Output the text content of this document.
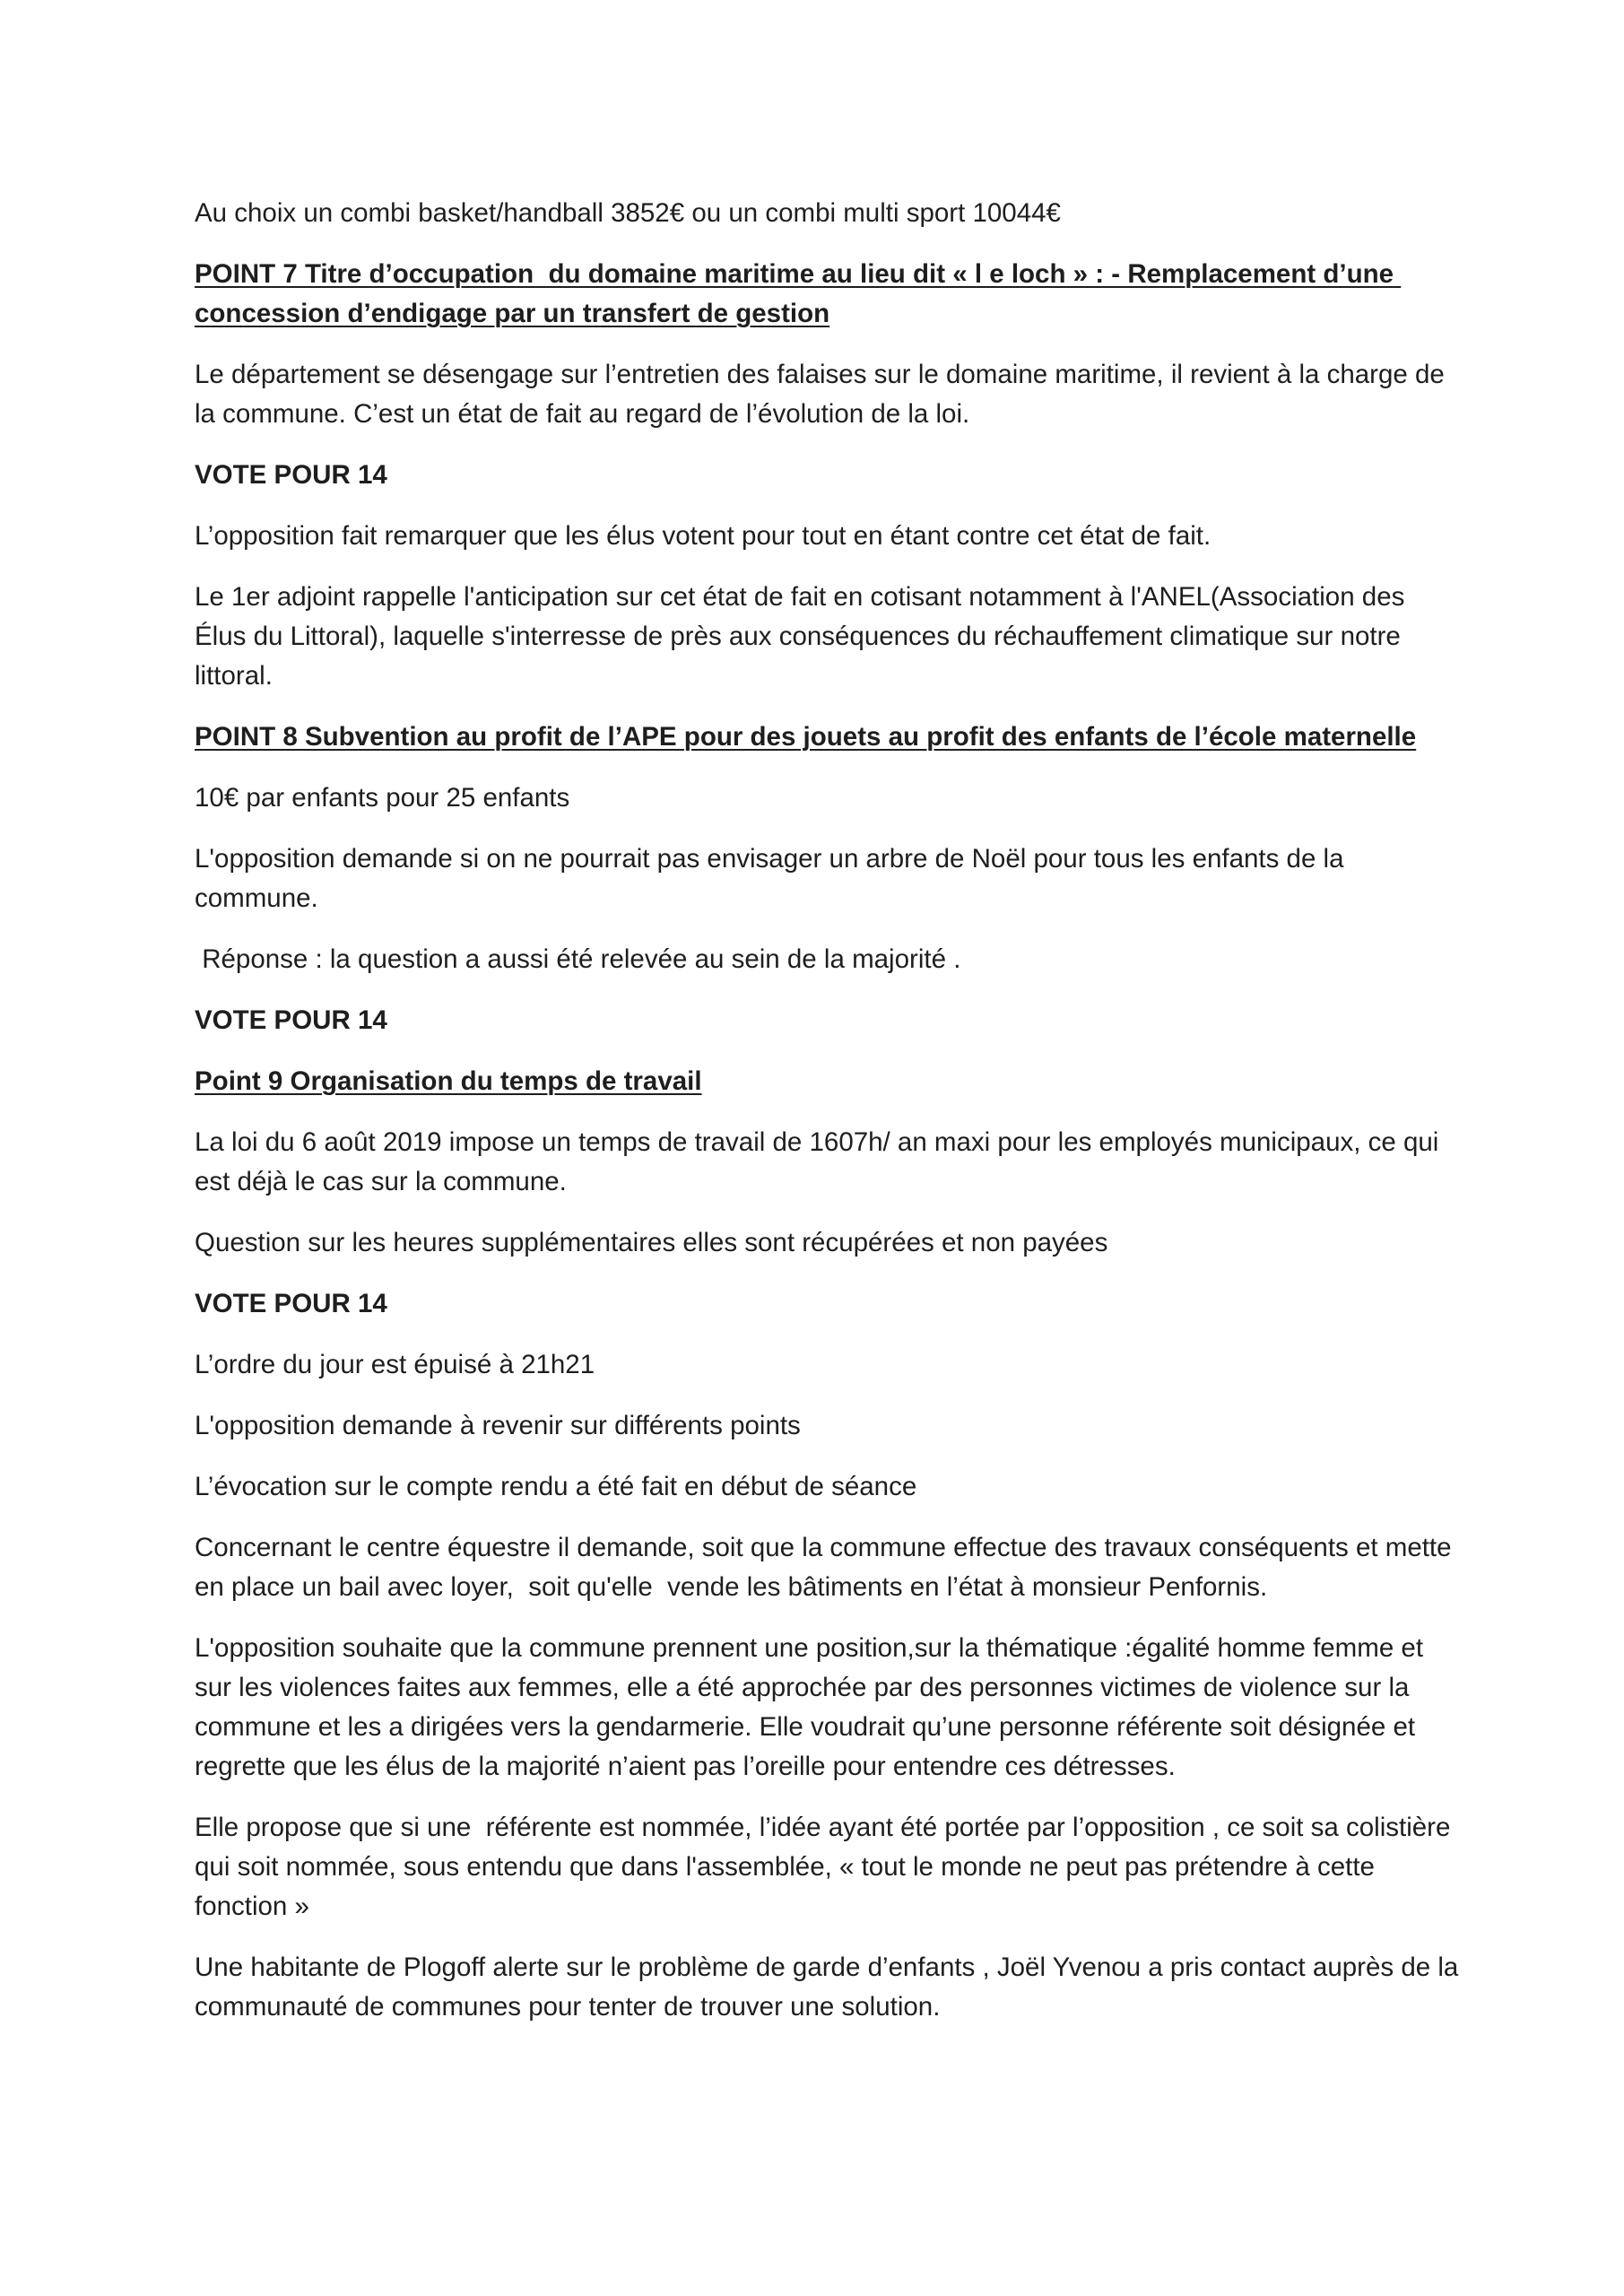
Au choix un combi basket/handball 3852€ ou un combi multi sport 10044€

POINT 7 Titre d’occupation  du domaine maritime au lieu dit « l e loch » : - Remplacement d’une concession d’endigage par un transfert de gestion

Le département se désengage sur l’entretien des falaises sur le domaine maritime, il revient à la charge de la commune. C’est un état de fait au regard de l’évolution de la loi.

VOTE POUR 14

L’opposition fait remarquer que les élus votent pour tout en étant contre cet état de fait.

Le 1er adjoint rappelle l'anticipation sur cet état de fait en cotisant notamment à l'ANEL(Association des Élus du Littoral), laquelle s'interresse de près aux conséquences du réchauffement climatique sur notre littoral.

POINT 8 Subvention au profit de l’APE pour des jouets au profit des enfants de l’école maternelle

10€ par enfants pour 25 enfants

L'opposition demande si on ne pourrait pas envisager un arbre de Noël pour tous les enfants de la commune.

Réponse : la question a aussi été relevée au sein de la majorité .

VOTE POUR 14

Point 9 Organisation du temps de travail

La loi du 6 août 2019 impose un temps de travail de 1607h/ an maxi pour les employés municipaux, ce qui est déjà le cas sur la commune.

Question sur les heures supplémentaires elles sont récupérées et non payées

VOTE POUR 14

L’ordre du jour est épuisé à 21h21

L'opposition demande à revenir sur différents points

L’évocation sur le compte rendu a été fait en début de séance

Concernant le centre équestre il demande, soit que la commune effectue des travaux conséquents et mette en place un bail avec loyer,  soit qu'elle  vende les bâtiments en l’état à monsieur Penfornis.

L'opposition souhaite que la commune prennent une position,sur la thématique :égalité homme femme et sur les violences faites aux femmes, elle a été approchée par des personnes victimes de violence sur la commune et les a dirigées vers la gendarmerie. Elle voudrait qu’une personne référente soit désignée et regrette que les élus de la majorité n’aient pas l’oreille pour entendre ces détresses.

Elle propose que si une  référente est nommée, l’idée ayant été portée par l’opposition , ce soit sa colistière qui soit nommée, sous entendu que dans l'assemblée, « tout le monde ne peut pas prétendre à cette fonction »

Une habitante de Plogoff alerte sur le problème de garde d’enfants , Joël Yvenou a pris contact auprès de la communauté de communes pour tenter de trouver une solution.
